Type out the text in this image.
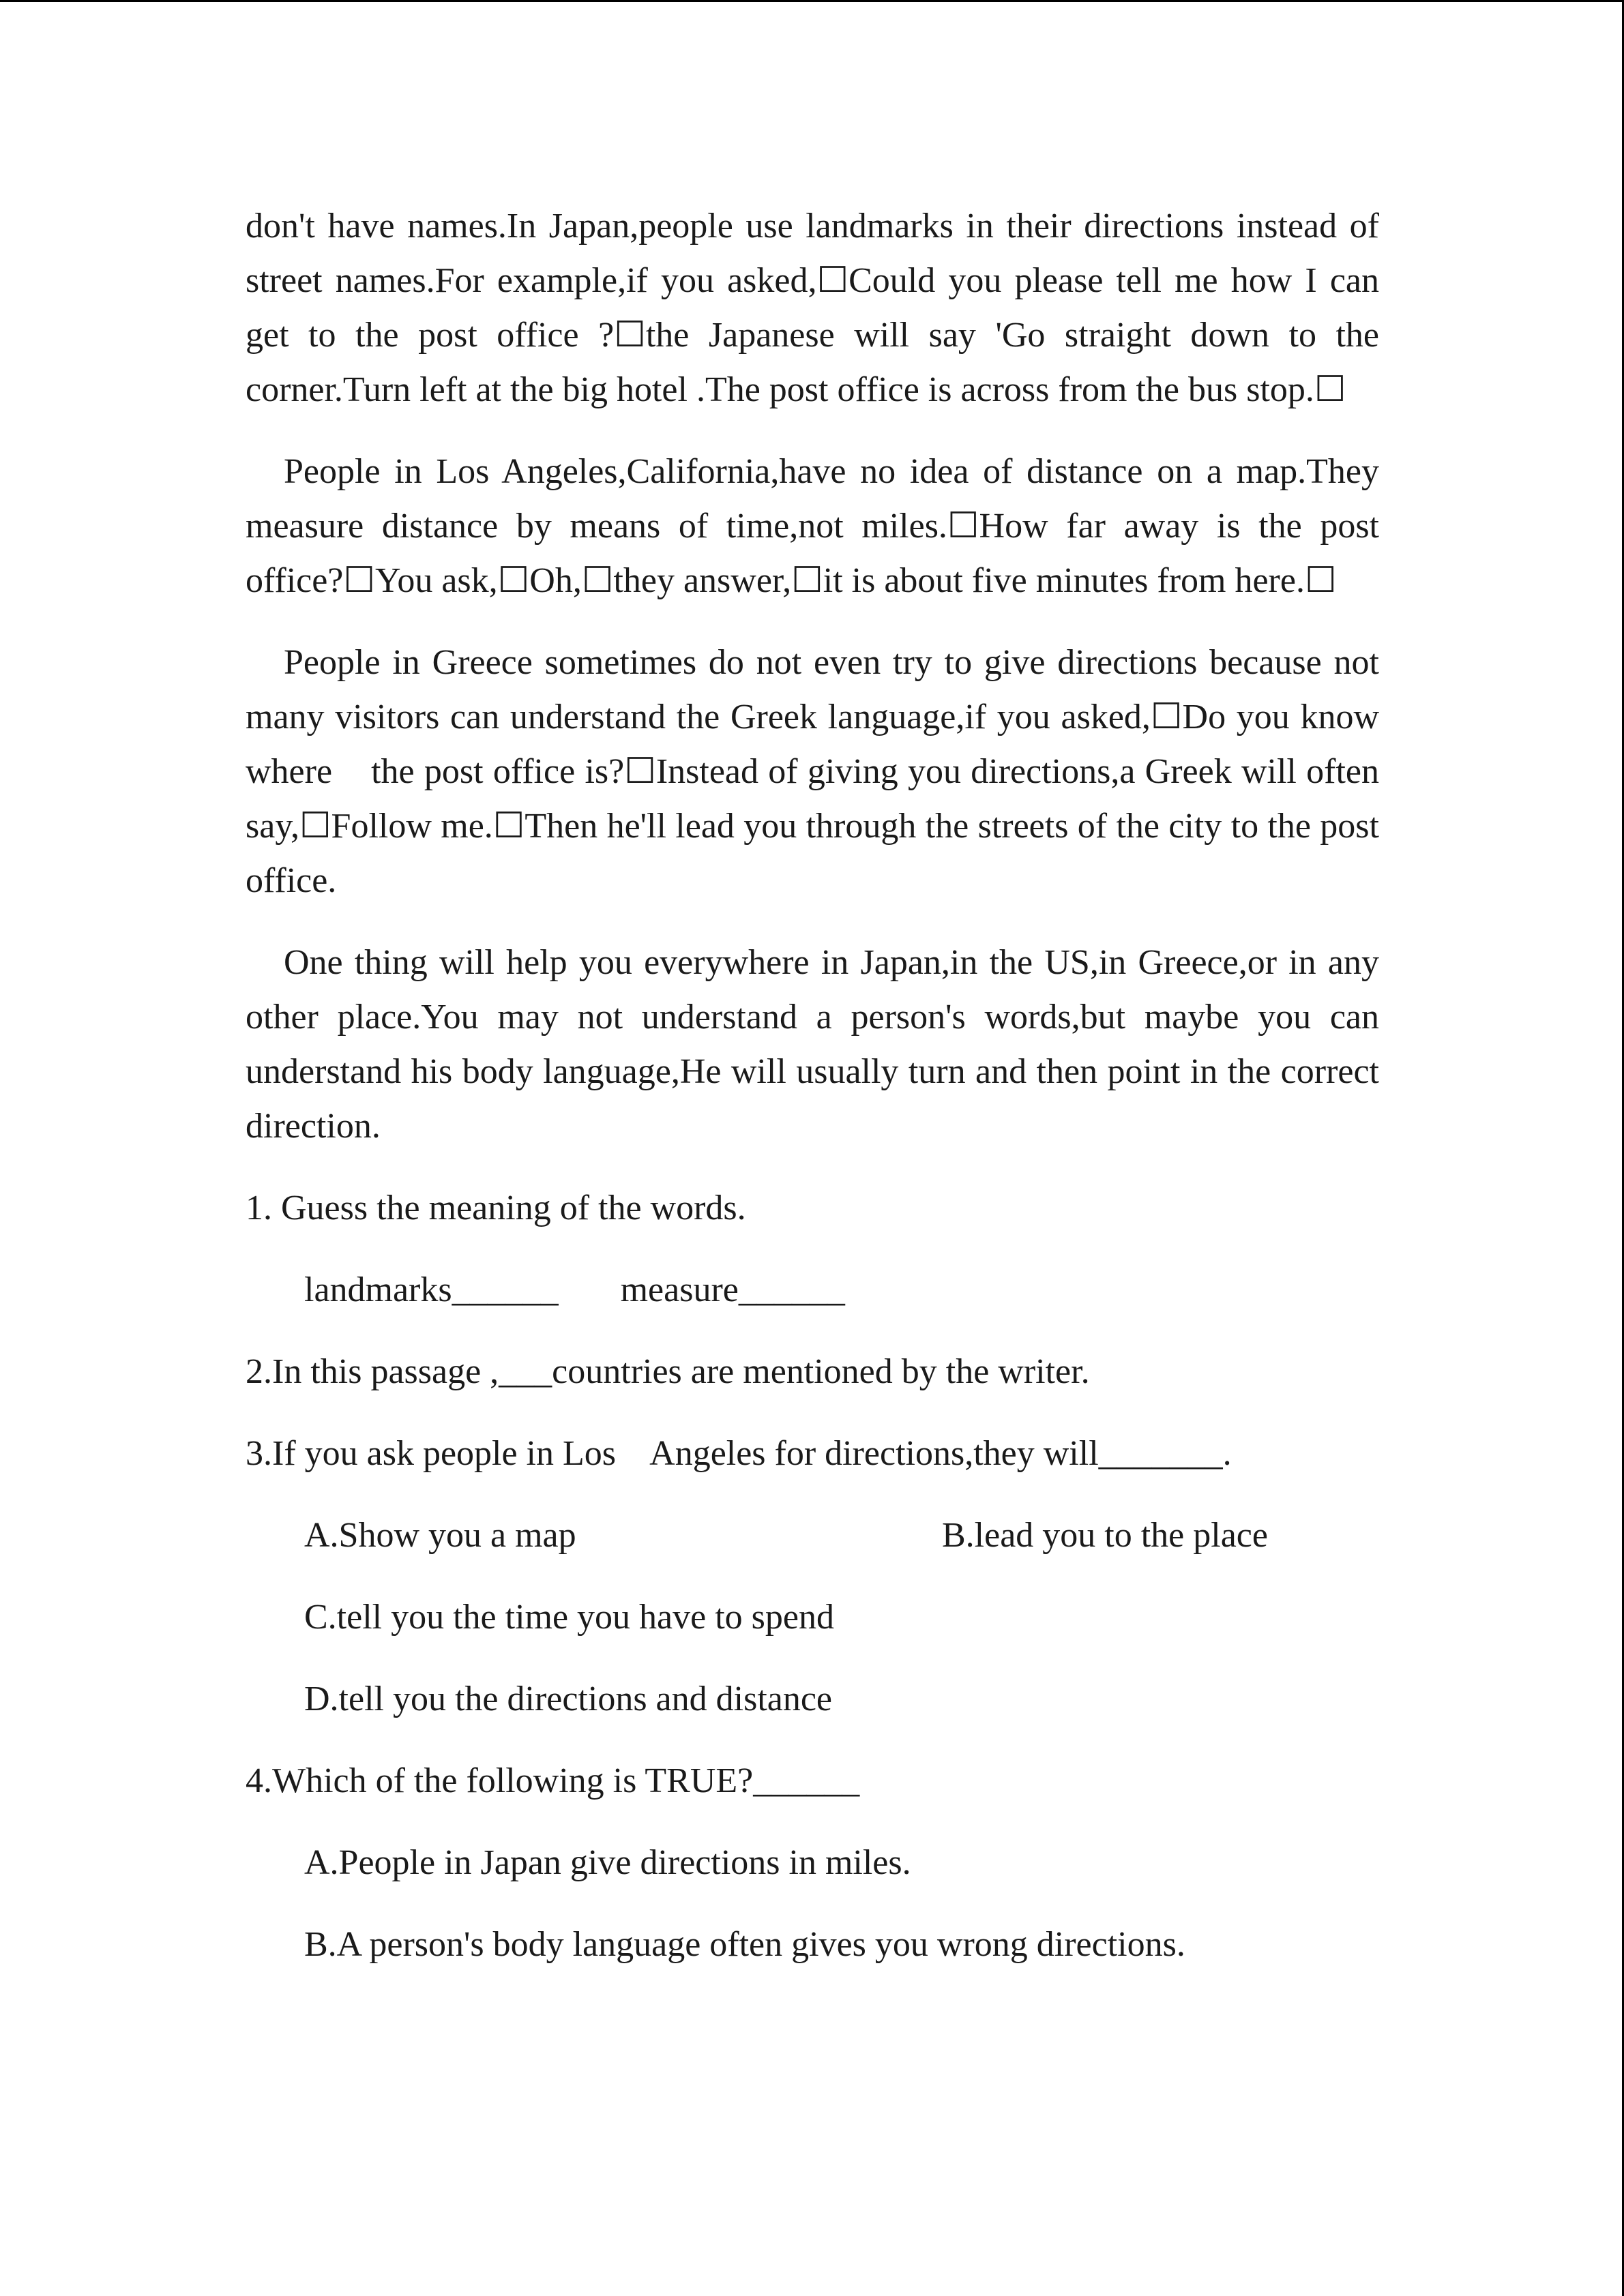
don't have names.In Japan,people use landmarks in their directions instead of street names.For example,if you asked,☐Could you please tell me how I can get to the post office ?☐the Japanese will say 'Go straight down to the corner.Turn left at the big hotel .The post office is across from the bus stop.☐

People in Los Angeles,California,have no idea of distance on a map.They measure distance by means of time,not miles.☐How far away is the post office?☐You ask,☐Oh,☐they answer,☐it is about five minutes from here.☐

People in Greece sometimes do not even try to give directions because not many visitors can understand the Greek language,if you asked,☐Do you know where    the post office is?☐Instead of giving you directions,a Greek will often say,☐Follow me.☐Then he'll lead you through the streets of the city to the post office.

One thing will help you everywhere in Japan,in the US,in Greece,or in any other place.You may not understand a person's words,but maybe you can understand his body language,He will usually turn and then point in the correct direction.

1. Guess the meaning of the words.
landmarks______       measure______
2.In this passage ,___countries are mentioned by the writer.
3.If you ask people in Los    Angeles for directions,they will_______.
A.Show you a map	B.lead you to the place
C.tell you the time you have to spend
D.tell you the directions and distance
4.Which of the following is TRUE?______
A.People in Japan give directions in miles.
B.A person's body language often gives you wrong directions.
